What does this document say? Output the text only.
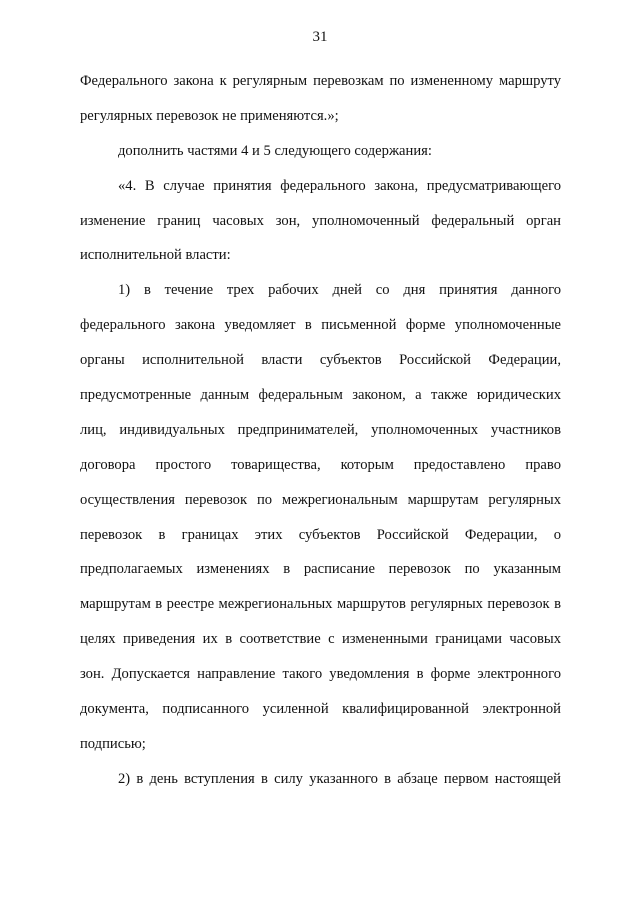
31
Федерального закона к регулярным перевозкам по измененному маршруту
регулярных перевозок не применяются.»;
дополнить частями 4 и 5 следующего содержания:
«4. В случае принятия федерального закона, предусматривающего
изменение границ часовых зон, уполномоченный федеральный орган
исполнительной власти:
1) в течение трех рабочих дней со дня принятия данного
федерального закона уведомляет в письменной форме уполномоченные
органы исполнительной власти субъектов Российской Федерации,
предусмотренные данным федеральным законом, а также юридических
лиц, индивидуальных предпринимателей, уполномоченных участников
договора простого товарищества, которым предоставлено право
осуществления перевозок по межрегиональным маршрутам регулярных
перевозок в границах этих субъектов Российской Федерации, о
предполагаемых изменениях в расписание перевозок по указанным
маршрутам в реестре межрегиональных маршрутов регулярных перевозок в
целях приведения их в соответствие с измененными границами часовых
зон. Допускается направление такого уведомления в форме электронного
документа, подписанного усиленной квалифицированной электронной
подписью;
2) в день вступления в силу указанного в абзаце первом настоящей
